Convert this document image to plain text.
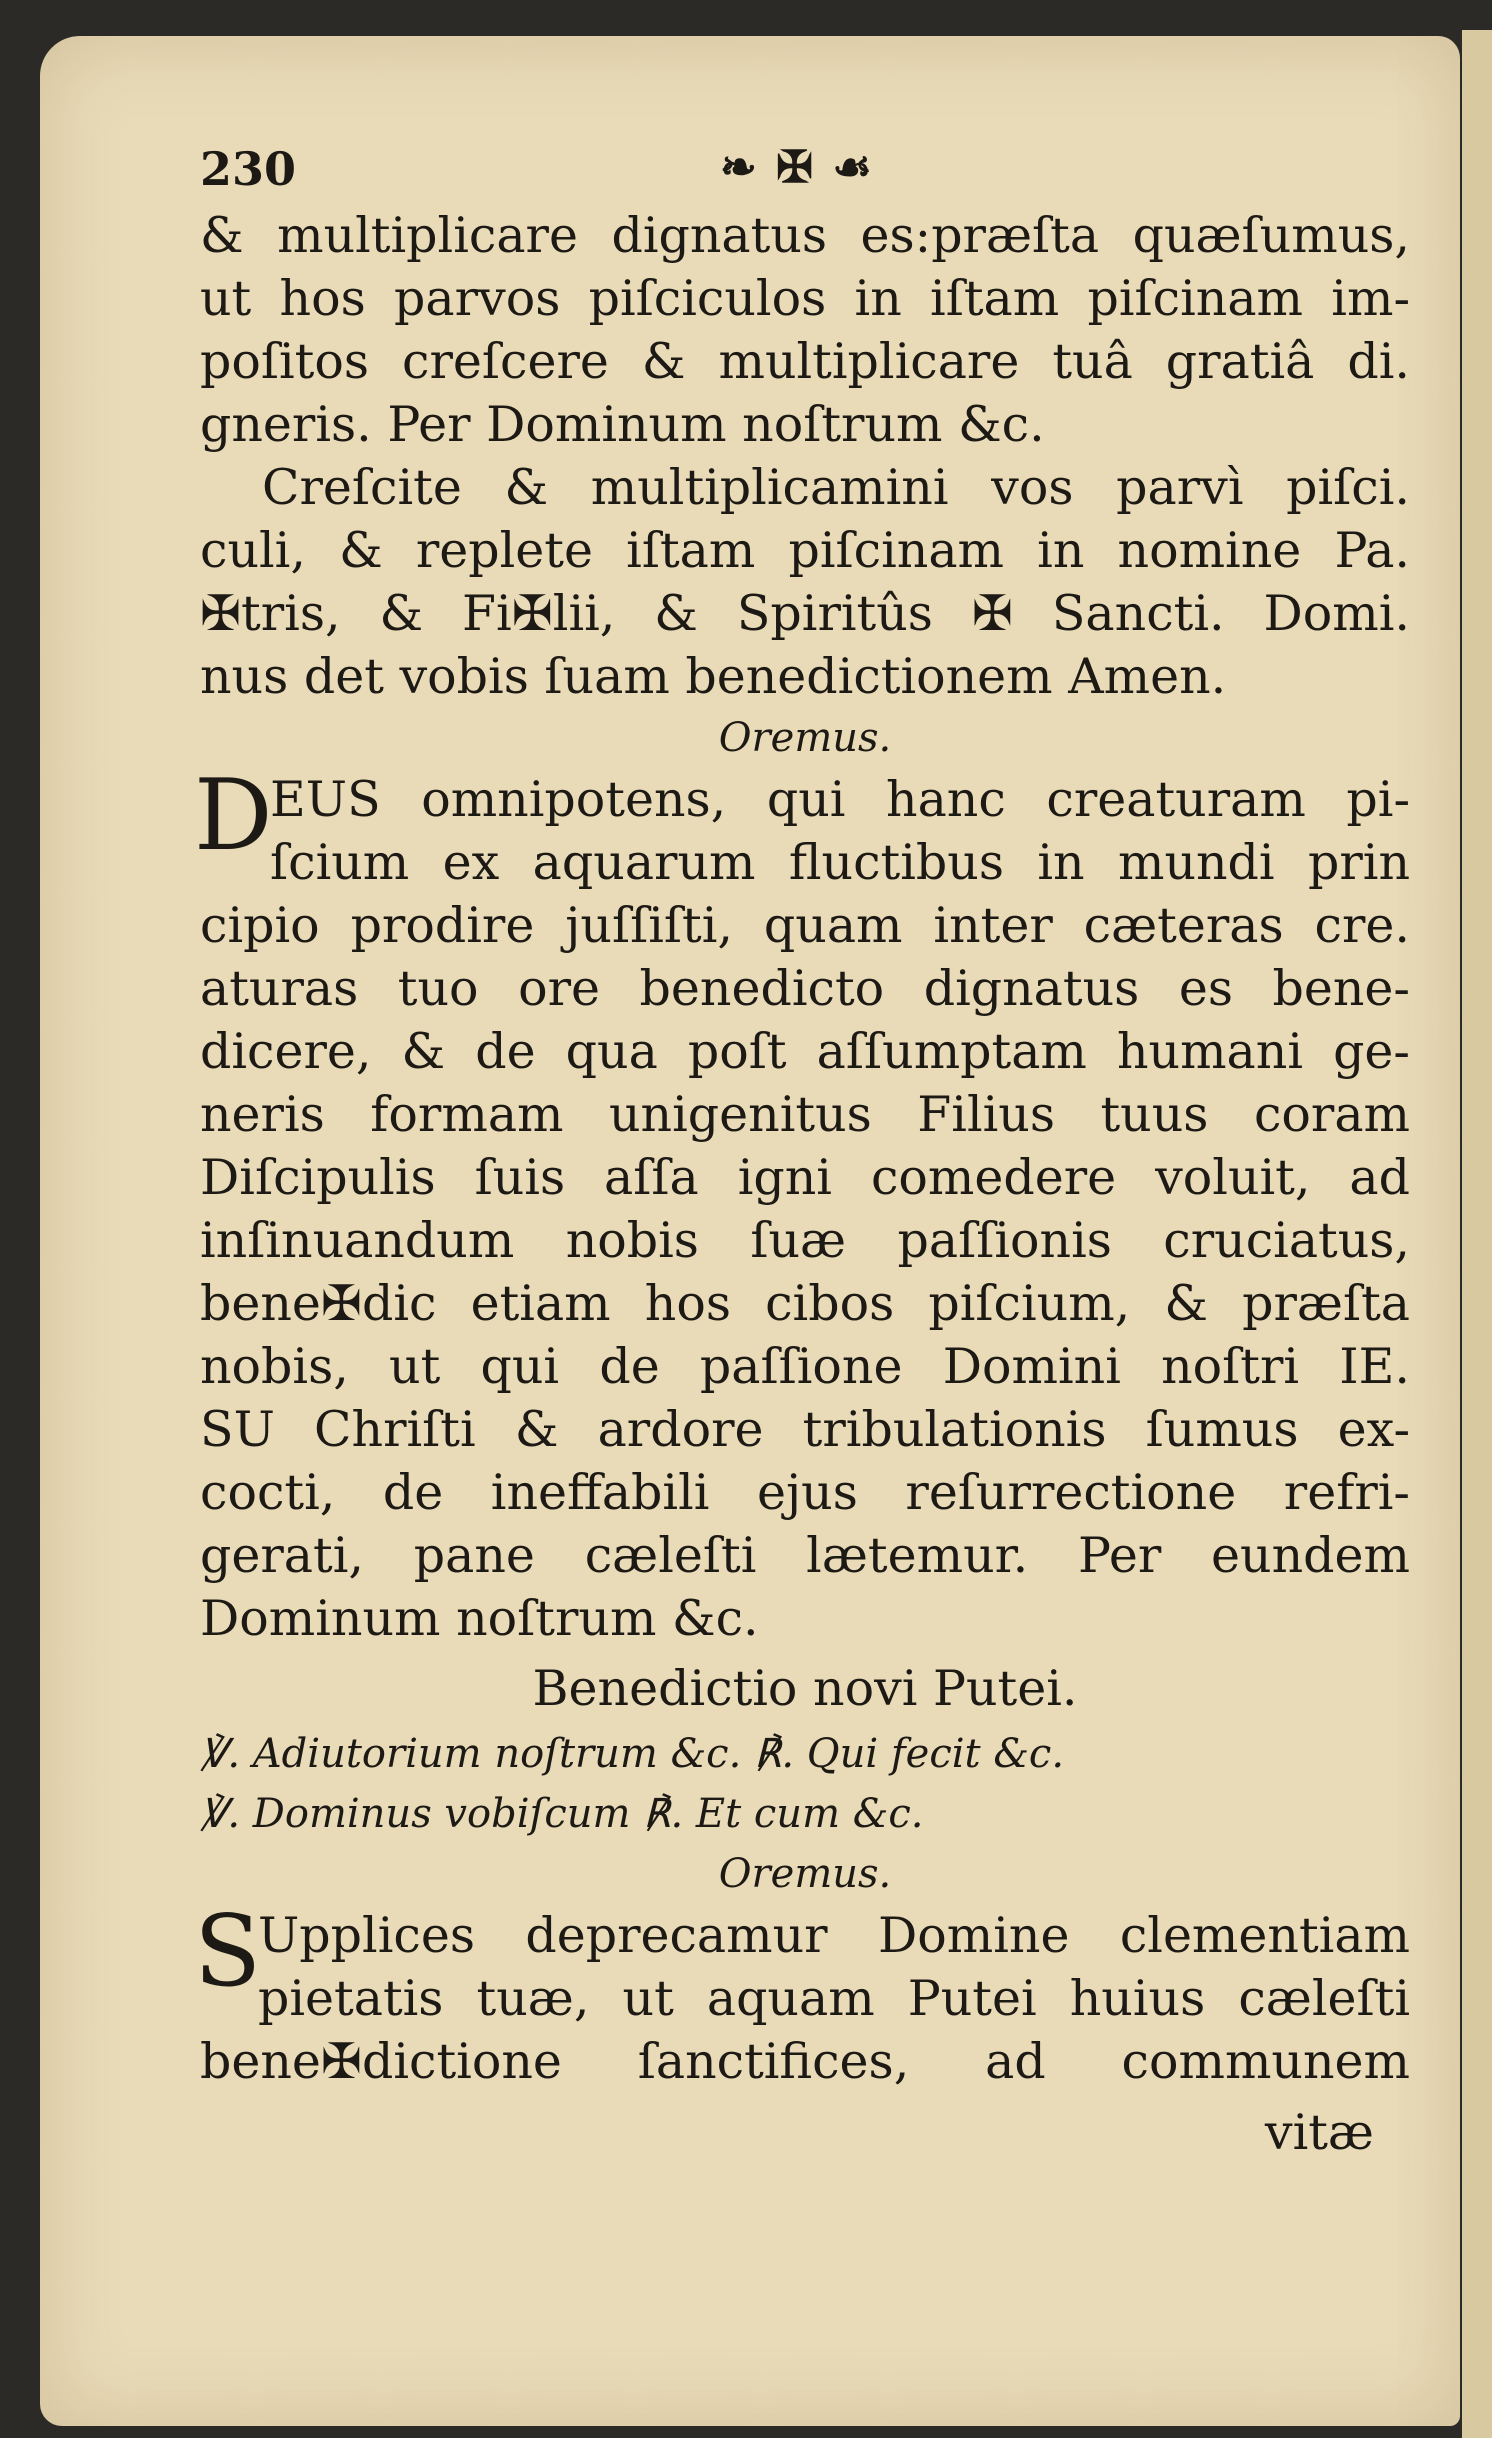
230	❧ ✠ ☙
& multiplicare dignatus es:præſta quæſumus,
ut hos parvos piſciculos in iſtam piſcinam im-
poſitos creſcere & multiplicare tuâ gratiâ di.
gneris. Per Dominum noſtrum &c.
Creſcite & multiplicamini vos parvì piſci.
culi, & replete iſtam piſcinam in nomine Pa.
✠tris, & Fi✠lii, & Spiritûs ✠ Sancti. Domi.
nus det vobis ſuam benedictionem Amen.
Oremus.
D
EUS omnipotens, qui hanc creaturam pi-
ſcium ex aquarum fluctibus in mundi prin
cipio prodire juſſiſti, quam inter cæteras cre.
aturas tuo ore benedicto dignatus es bene-
dicere, & de qua poſt aſſumptam humani ge-
neris formam unigenitus Filius tuus coram
Diſcipulis ſuis aſſa igni comedere voluit, ad
inſinuandum nobis ſuæ paſſionis cruciatus,
bene✠dic etiam hos cibos piſcium, & præſta
nobis, ut qui de paſſione Domini noſtri IE.
SU Chriſti & ardore tribulationis ſumus ex-
cocti, de ineffabili ejus reſurrectione refri-
gerati, pane cæleſti lætemur. Per eundem
Dominum noſtrum &c.
Benedictio novi Putei.
℣. Adiutorium noſtrum &c. ℟. Qui fecit &c.
℣. Dominus vobiſcum ℟. Et cum &c.
Oremus.
S
Upplices deprecamur Domine clementiam
pietatis tuæ, ut aquam Putei huius cæleſti
bene✠dictione ſanctifices, ad communem
vitæ
